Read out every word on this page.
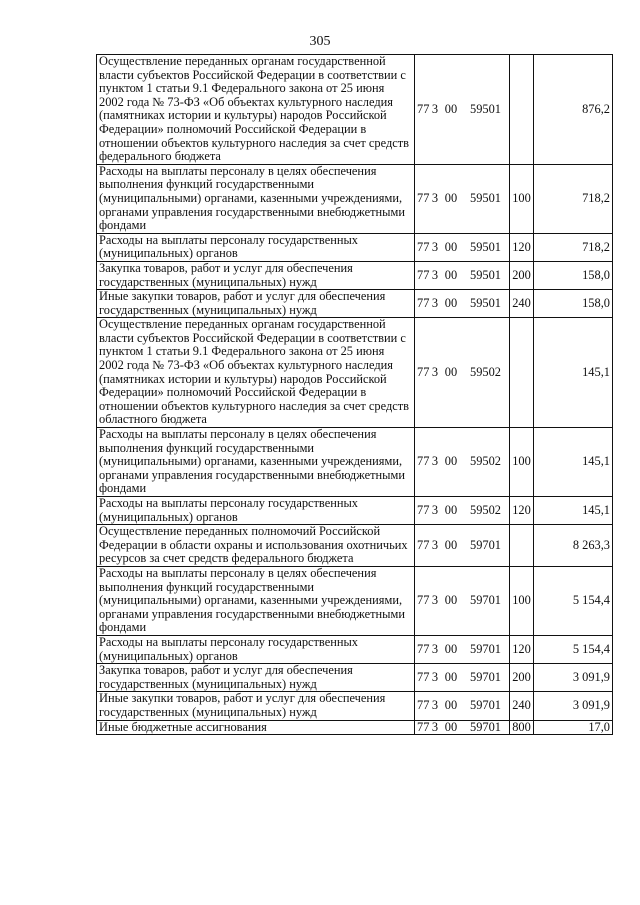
305
Осуществление переданных органам государственной власти субъектов Российской Федерации в соответствии с пунктом 1 статьи 9.1 Федерального закона от 25 июня 2002 года № 73-ФЗ «Об объектах культурного наследия (памятниках истории и культуры) народов Российской Федерации» полномочий Российской Федерации в отношении объектов культурного наследия за счет средств федерального бюджета	77 3 00 59501		876,2
Расходы на выплаты персоналу в целях обеспечения выполнения функций государственными (муниципальными) органами, казенными учреждениями, органами управления государственными внебюджетными фондами	77 3 00 59501	100	718,2
Расходы на выплаты персоналу государственных (муниципальных) органов	77 3 00 59501	120	718,2
Закупка товаров, работ и услуг для обеспечения государственных (муниципальных) нужд	77 3 00 59501	200	158,0
Иные закупки товаров, работ и услуг для обеспечения государственных (муниципальных) нужд	77 3 00 59501	240	158,0
Осуществление переданных органам государственной власти субъектов Российской Федерации в соответствии с пунктом 1 статьи 9.1 Федерального закона от 25 июня 2002 года № 73-ФЗ «Об объектах культурного наследия (памятниках истории и культуры) народов Российской Федерации» полномочий Российской Федерации в отношении объектов культурного наследия за счет средств областного бюджета	77 3 00 59502		145,1
Расходы на выплаты персоналу в целях обеспечения выполнения функций государственными (муниципальными) органами, казенными учреждениями, органами управления государственными внебюджетными фондами	77 3 00 59502	100	145,1
Расходы на выплаты персоналу государственных (муниципальных) органов	77 3 00 59502	120	145,1
Осуществление переданных полномочий Российской Федерации в области охраны и использования охотничьих ресурсов за счет средств федерального бюджета	77 3 00 59701		8 263,3
Расходы на выплаты персоналу в целях обеспечения выполнения функций государственными (муниципальными) органами, казенными учреждениями, органами управления государственными внебюджетными фондами	77 3 00 59701	100	5 154,4
Расходы на выплаты персоналу государственных (муниципальных) органов	77 3 00 59701	120	5 154,4
Закупка товаров, работ и услуг для обеспечения государственных (муниципальных) нужд	77 3 00 59701	200	3 091,9
Иные закупки товаров, работ и услуг для обеспечения государственных (муниципальных) нужд	77 3 00 59701	240	3 091,9
Иные бюджетные ассигнования	77 3 00 59701	800	17,0
